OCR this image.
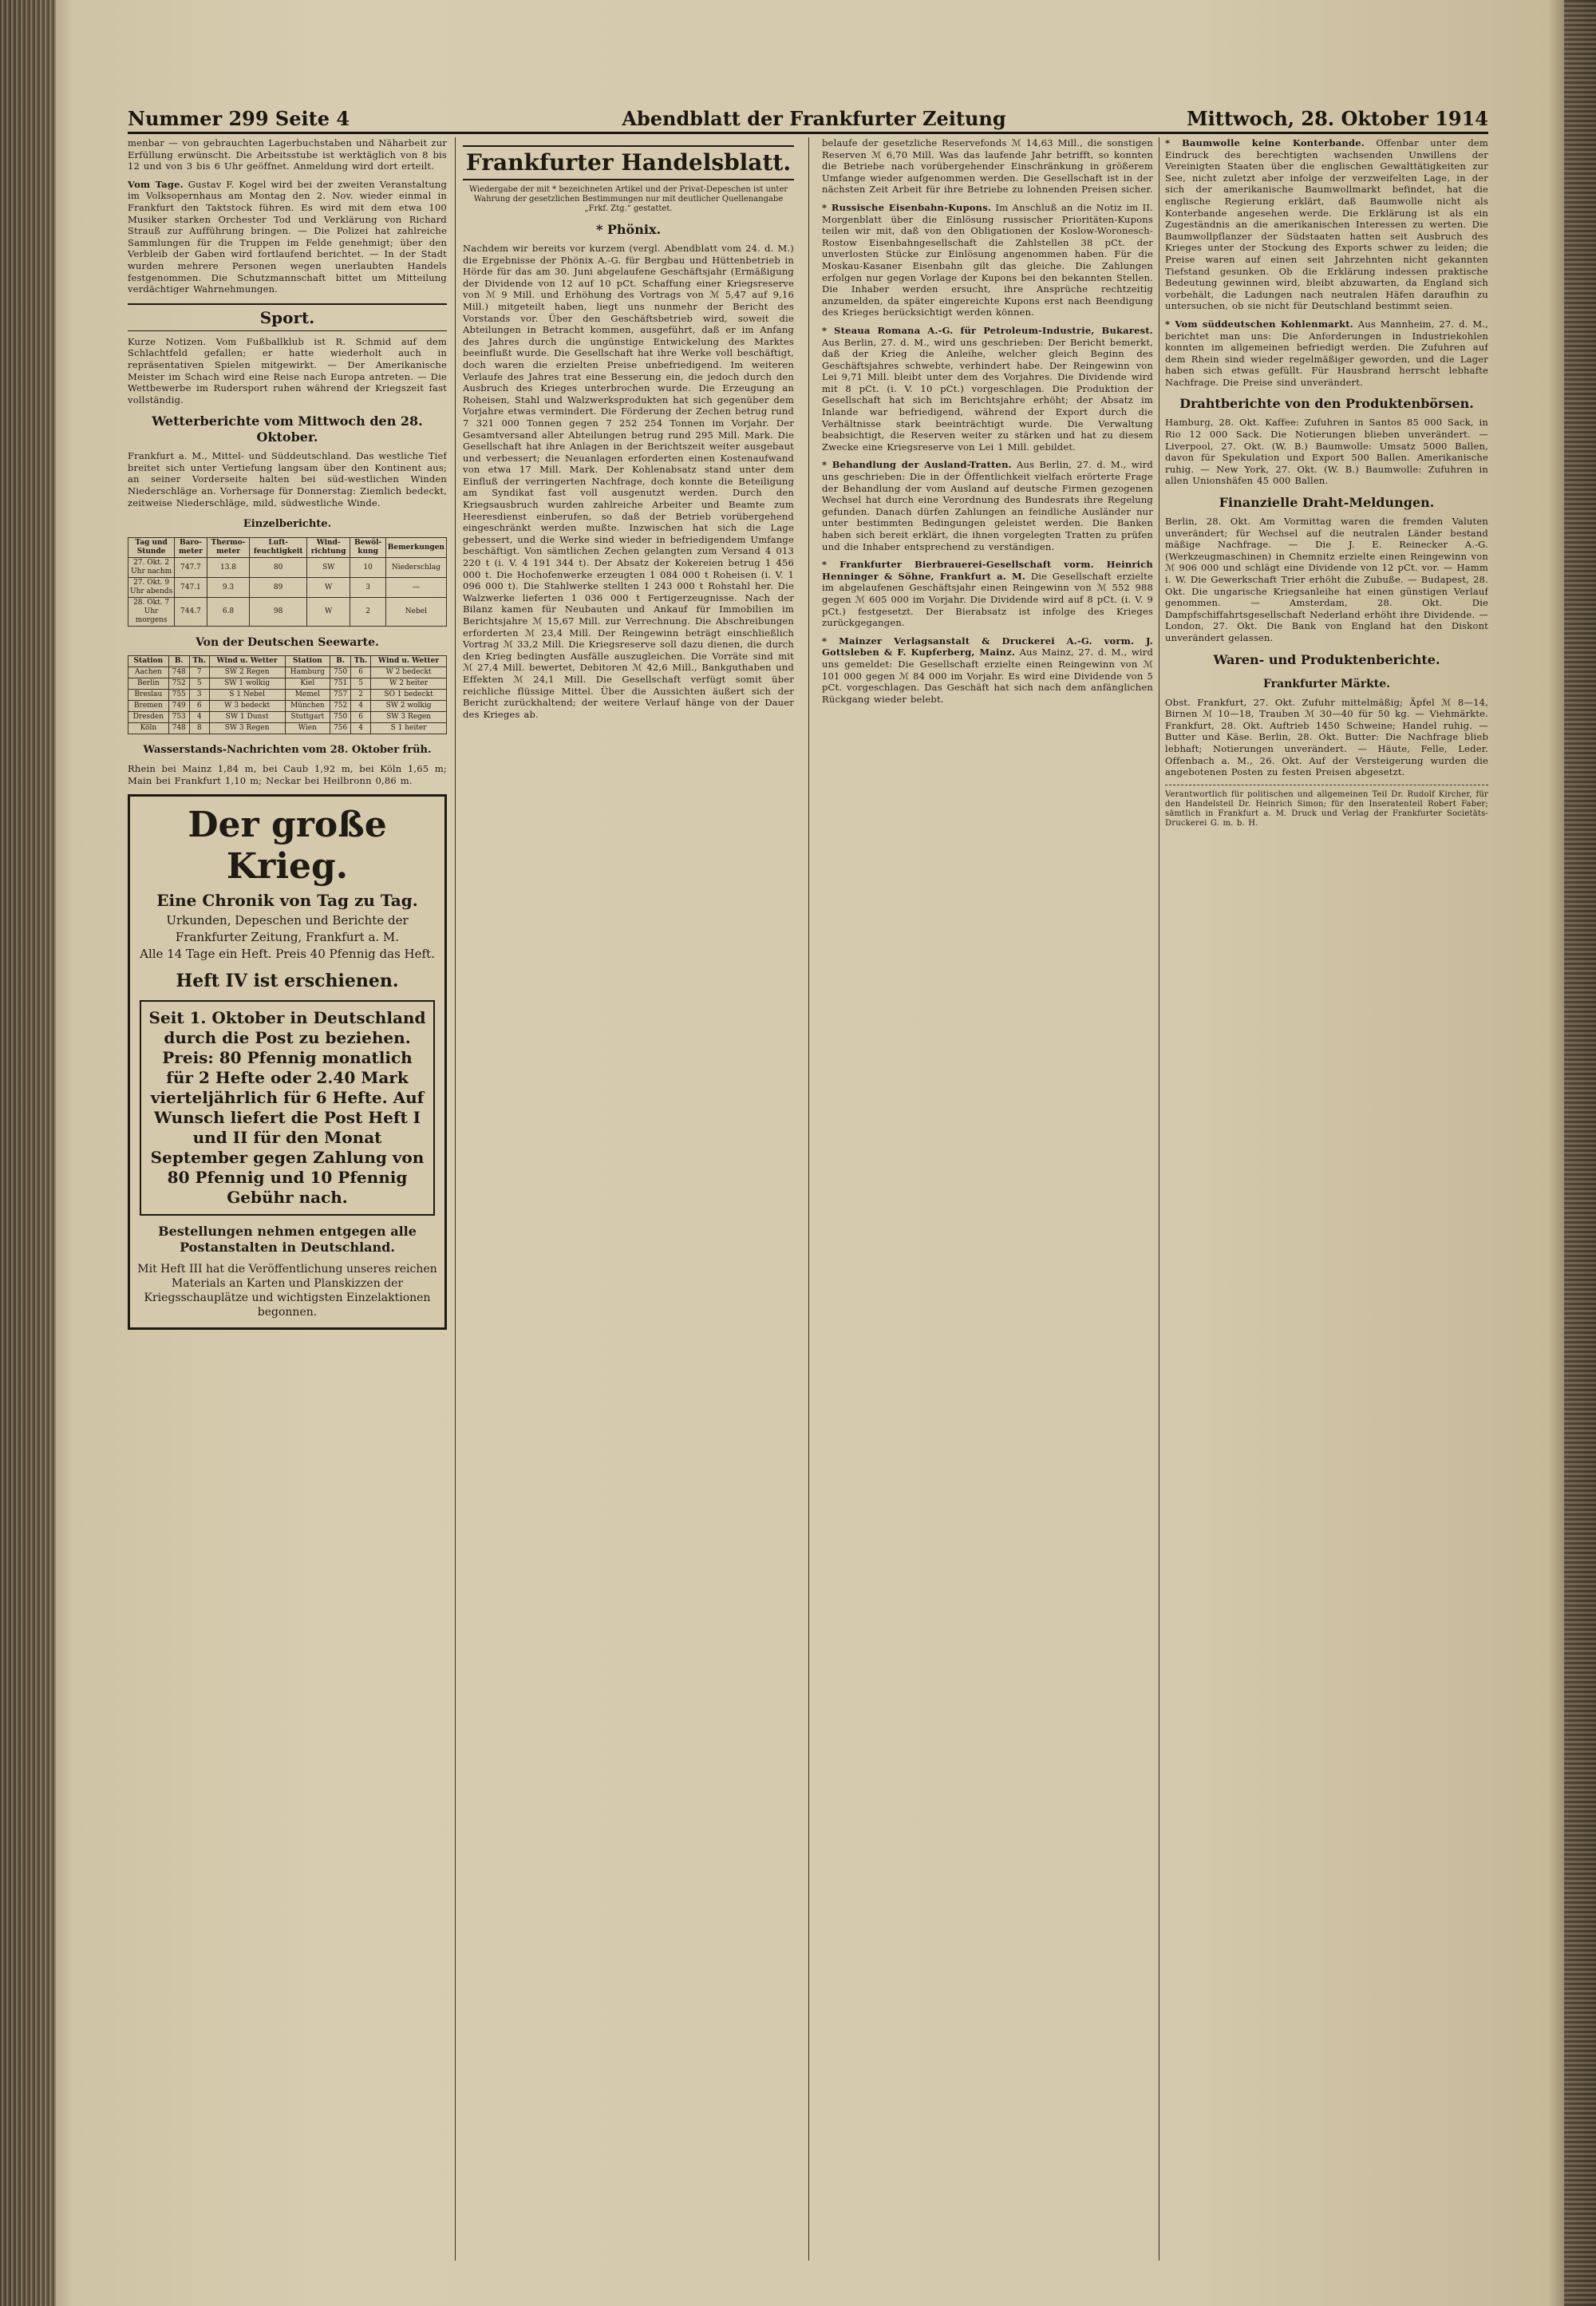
Nummer 299 Seite 4	Abendblatt der Frankfurter Zeitung	Mittwoch, 28. Oktober 1914
menbar — von gebrauchten Lagerbuchstaben und Näharbeit zur Erfüllung erwünscht. Die Arbeitsstube ist werktäglich von 8 bis 12 und von 3 bis 6 Uhr geöffnet. Anmeldung wird dort erteilt.
Vom Tage. Gustav F. Kogel wird bei der zweiten Veranstaltung im Volksopernhaus am Montag den 2. Nov. wieder einmal in Frankfurt den Taktstock führen. Es wird mit dem etwa 100 Musiker starken Orchester Tod und Verklärung von Richard Strauß zur Aufführung bringen. — Die Polizei hat zahlreiche Sammlungen für die Truppen im Felde genehmigt; über den Verbleib der Gaben wird fortlaufend berichtet. — In der Stadt wurden mehrere Personen wegen unerlaubten Handels festgenommen. Die Schutzmannschaft bittet um Mitteilung verdächtiger Wahrnehmungen.
Sport.
Kurze Notizen. Vom Fußballklub ist R. Schmid auf dem Schlachtfeld gefallen; er hatte wiederholt auch in repräsentativen Spielen mitgewirkt. — Der Amerikanische Meister im Schach wird eine Reise nach Europa antreten. — Die Wettbewerbe im Rudersport ruhen während der Kriegszeit fast vollständig.
Wetterberichte vom Mittwoch den 28. Oktober.
Frankfurt a. M., Mittel- und Süddeutschland. Das westliche Tief breitet sich unter Vertiefung langsam über den Kontinent aus; an seiner Vorderseite halten bei süd-westlichen Winden Niederschläge an. Vorhersage für Donnerstag: Ziemlich bedeckt, zeitweise Niederschläge, mild, südwestliche Winde.
Einzelberichte.
Tag und Stunde	Baro-meter	Thermo-meter	Luft-feuchtigkeit	Wind-richtung	Bewöl-kung	Bemerkungen
27. Okt. 2 Uhr nachm	747.7	13.8	80	SW	10	Niederschlag
27. Okt. 9 Uhr abends	747.1	9.3	89	W	3	—
28. Okt. 7 Uhr morgens	744.7	6.8	98	W	2	Nebel
Von der Deutschen Seewarte.
Station	B.	Th.	Wind u. Wetter	Station	B.	Th.	Wind u. Wetter
Aachen	748	7	SW 2 Regen	Hamburg	750	6	W 2 bedeckt
Berlin	752	5	SW 1 wolkig	Kiel	751	5	W 2 heiter
Breslau	755	3	S 1 Nebel	Memel	757	2	SO 1 bedeckt
Bremen	749	6	W 3 bedeckt	München	752	4	SW 2 wolkig
Dresden	753	4	SW 1 Dunst	Stuttgart	750	6	SW 3 Regen
Köln	748	8	SW 3 Regen	Wien	756	4	S 1 heiter
Wasserstands-Nachrichten vom 28. Oktober früh.
Rhein bei Mainz 1,84 m, bei Caub 1,92 m, bei Köln 1,65 m; Main bei Frankfurt 1,10 m; Neckar bei Heilbronn 0,86 m.
Der große Krieg.
Eine Chronik von Tag zu Tag.
Urkunden, Depeschen und Berichte der
Frankfurter Zeitung, Frankfurt a. M.
Alle 14 Tage ein Heft. Preis 40 Pfennig das Heft.
Heft IV ist erschienen.
Seit 1. Oktober in Deutschland durch die Post zu beziehen. Preis: 80 Pfennig monatlich für 2 Hefte oder 2.40 Mark vierteljährlich für 6 Hefte. Auf Wunsch liefert die Post Heft I und II für den Monat September gegen Zahlung von 80 Pfennig und 10 Pfennig Gebühr nach.
Bestellungen nehmen entgegen alle Postanstalten in Deutschland.
Mit Heft III hat die Veröffentlichung unseres reichen Materials an Karten und Planskizzen der Kriegsschauplätze und wichtigsten Einzelaktionen begonnen.
Frankfurter Handelsblatt.
Wiedergabe der mit * bezeichneten Artikel und der Privat-Depeschen ist unter Wahrung der gesetzlichen Bestimmungen nur mit deutlicher Quellenangabe „Frkf. Ztg.“ gestattet.
* Phönix.
Nachdem wir bereits vor kurzem (vergl. Abendblatt vom 24. d. M.) die Ergebnisse der Phönix A.-G. für Bergbau und Hüttenbetrieb in Hörde für das am 30. Juni abgelaufene Geschäftsjahr (Ermäßigung der Dividende von 12 auf 10 pCt. Schaffung einer Kriegsreserve von ℳ 9 Mill. und Erhöhung des Vortrags von ℳ 5,47 auf 9,16 Mill.) mitgeteilt haben, liegt uns nunmehr der Bericht des Vorstands vor. Über den Geschäftsbetrieb wird, soweit die Abteilungen in Betracht kommen, ausgeführt, daß er im Anfang des Jahres durch die ungünstige Entwickelung des Marktes beeinflußt wurde. Die Gesellschaft hat ihre Werke voll beschäftigt, doch waren die erzielten Preise unbefriedigend. Im weiteren Verlaufe des Jahres trat eine Besserung ein, die jedoch durch den Ausbruch des Krieges unterbrochen wurde. Die Erzeugung an Roheisen, Stahl und Walzwerksprodukten hat sich gegenüber dem Vorjahre etwas vermindert. Die Förderung der Zechen betrug rund 7 321 000 Tonnen gegen 7 252 254 Tonnen im Vorjahr. Der Gesamtversand aller Abteilungen betrug rund 295 Mill. Mark. Die Gesellschaft hat ihre Anlagen in der Berichtszeit weiter ausgebaut und verbessert; die Neuanlagen erforderten einen Kostenaufwand von etwa 17 Mill. Mark. Der Kohlenabsatz stand unter dem Einfluß der verringerten Nachfrage, doch konnte die Beteiligung am Syndikat fast voll ausgenutzt werden. Durch den Kriegsausbruch wurden zahlreiche Arbeiter und Beamte zum Heeresdienst einberufen, so daß der Betrieb vorübergehend eingeschränkt werden mußte. Inzwischen hat sich die Lage gebessert, und die Werke sind wieder in befriedigendem Umfange beschäftigt. Von sämtlichen Zechen gelangten zum Versand 4 013 220 t (i. V. 4 191 344 t). Der Absatz der Kokereien betrug 1 456 000 t. Die Hochofenwerke erzeugten 1 084 000 t Roheisen (i. V. 1 096 000 t). Die Stahlwerke stellten 1 243 000 t Rohstahl her. Die Walzwerke lieferten 1 036 000 t Fertigerzeugnisse. Nach der Bilanz kamen für Neubauten und Ankauf für Immobilien im Berichtsjahre ℳ 15,67 Mill. zur Verrechnung. Die Abschreibungen erforderten ℳ 23,4 Mill. Der Reingewinn beträgt einschließlich Vortrag ℳ 33,2 Mill. Die Kriegsreserve soll dazu dienen, die durch den Krieg bedingten Ausfälle auszugleichen. Die Vorräte sind mit ℳ 27,4 Mill. bewertet, Debitoren ℳ 42,6 Mill., Bankguthaben und Effekten ℳ 24,1 Mill. Die Gesellschaft verfügt somit über reichliche flüssige Mittel. Über die Aussichten äußert sich der Bericht zurückhaltend; der weitere Verlauf hänge von der Dauer des Krieges ab.
belaufe der gesetzliche Reservefonds ℳ 14,63 Mill., die sonstigen Reserven ℳ 6,70 Mill. Was das laufende Jahr betrifft, so konnten die Betriebe nach vorübergehender Einschränkung in größerem Umfange wieder aufgenommen werden. Die Gesellschaft ist in der nächsten Zeit Arbeit für ihre Betriebe zu lohnenden Preisen sicher.
* Russische Eisenbahn-Kupons. Im Anschluß an die Notiz im II. Morgenblatt über die Einlösung russischer Prioritäten-Kupons teilen wir mit, daß von den Obligationen der Koslow-Woronesch-Rostow Eisenbahngesellschaft die Zahlstellen 38 pCt. der unverlosten Stücke zur Einlösung angenommen haben. Für die Moskau-Kasaner Eisenbahn gilt das gleiche. Die Zahlungen erfolgen nur gegen Vorlage der Kupons bei den bekannten Stellen. Die Inhaber werden ersucht, ihre Ansprüche rechtzeitig anzumelden, da später eingereichte Kupons erst nach Beendigung des Krieges berücksichtigt werden können.
* Steaua Romana A.-G. für Petroleum-Industrie, Bukarest. Aus Berlin, 27. d. M., wird uns geschrieben: Der Bericht bemerkt, daß der Krieg die Anleihe, welcher gleich Beginn des Geschäftsjahres schwebte, verhindert habe. Der Reingewinn von Lei 9,71 Mill. bleibt unter dem des Vorjahres. Die Dividende wird mit 8 pCt. (i. V. 10 pCt.) vorgeschlagen. Die Produktion der Gesellschaft hat sich im Berichtsjahre erhöht; der Absatz im Inlande war befriedigend, während der Export durch die Verhältnisse stark beeinträchtigt wurde. Die Verwaltung beabsichtigt, die Reserven weiter zu stärken und hat zu diesem Zwecke eine Kriegsreserve von Lei 1 Mill. gebildet.
* Behandlung der Ausland-Tratten. Aus Berlin, 27. d. M., wird uns geschrieben: Die in der Öffentlichkeit vielfach erörterte Frage der Behandlung der vom Ausland auf deutsche Firmen gezogenen Wechsel hat durch eine Verordnung des Bundesrats ihre Regelung gefunden. Danach dürfen Zahlungen an feindliche Ausländer nur unter bestimmten Bedingungen geleistet werden. Die Banken haben sich bereit erklärt, die ihnen vorgelegten Tratten zu prüfen und die Inhaber entsprechend zu verständigen.
* Frankfurter Bierbrauerei-Gesellschaft vorm. Heinrich Henninger & Söhne, Frankfurt a. M. Die Gesellschaft erzielte im abgelaufenen Geschäftsjahr einen Reingewinn von ℳ 552 988 gegen ℳ 605 000 im Vorjahr. Die Dividende wird auf 8 pCt. (i. V. 9 pCt.) festgesetzt. Der Bierabsatz ist infolge des Krieges zurückgegangen.
* Mainzer Verlagsanstalt & Druckerei A.-G. vorm. J. Gottsleben & F. Kupferberg, Mainz. Aus Mainz, 27. d. M., wird uns gemeldet: Die Gesellschaft erzielte einen Reingewinn von ℳ 101 000 gegen ℳ 84 000 im Vorjahr. Es wird eine Dividende von 5 pCt. vorgeschlagen. Das Geschäft hat sich nach dem anfänglichen Rückgang wieder belebt.
* Baumwolle keine Konterbande. Offenbar unter dem Eindruck des berechtigten wachsenden Unwillens der Vereinigten Staaten über die englischen Gewalttätigkeiten zur See, nicht zuletzt aber infolge der verzweifelten Lage, in der sich der amerikanische Baumwollmarkt befindet, hat die englische Regierung erklärt, daß Baumwolle nicht als Konterbande angesehen werde. Die Erklärung ist als ein Zugeständnis an die amerikanischen Interessen zu werten. Die Baumwollpflanzer der Südstaaten hatten seit Ausbruch des Krieges unter der Stockung des Exports schwer zu leiden; die Preise waren auf einen seit Jahrzehnten nicht gekannten Tiefstand gesunken. Ob die Erklärung indessen praktische Bedeutung gewinnen wird, bleibt abzuwarten, da England sich vorbehält, die Ladungen nach neutralen Häfen daraufhin zu untersuchen, ob sie nicht für Deutschland bestimmt seien.
* Vom süddeutschen Kohlenmarkt. Aus Mannheim, 27. d. M., berichtet man uns: Die Anforderungen in Industriekohlen konnten im allgemeinen befriedigt werden. Die Zufuhren auf dem Rhein sind wieder regelmäßiger geworden, und die Lager haben sich etwas gefüllt. Für Hausbrand herrscht lebhafte Nachfrage. Die Preise sind unverändert.
Drahtberichte von den Produktenbörsen.
Hamburg, 28. Okt. Kaffee: Zufuhren in Santos 85 000 Sack, in Rio 12 000 Sack. Die Notierungen blieben unverändert. — Liverpool, 27. Okt. (W. B.) Baumwolle: Umsatz 5000 Ballen, davon für Spekulation und Export 500 Ballen. Amerikanische ruhig. — New York, 27. Okt. (W. B.) Baumwolle: Zufuhren in allen Unionshäfen 45 000 Ballen.
Finanzielle Draht-Meldungen.
Berlin, 28. Okt. Am Vormittag waren die fremden Valuten unverändert; für Wechsel auf die neutralen Länder bestand mäßige Nachfrage. — Die J. E. Reinecker A.-G. (Werkzeugmaschinen) in Chemnitz erzielte einen Reingewinn von ℳ 906 000 und schlägt eine Dividende von 12 pCt. vor. — Hamm i. W. Die Gewerkschaft Trier erhöht die Zubuße. — Budapest, 28. Okt. Die ungarische Kriegsanleihe hat einen günstigen Verlauf genommen. — Amsterdam, 28. Okt. Die Dampfschiffahrtsgesellschaft Nederland erhöht ihre Dividende. — London, 27. Okt. Die Bank von England hat den Diskont unverändert gelassen.
Waren- und Produktenberichte.
Frankfurter Märkte.
Obst. Frankfurt, 27. Okt. Zufuhr mittelmäßig; Äpfel ℳ 8—14, Birnen ℳ 10—18, Trauben ℳ 30—40 für 50 kg. — Viehmärkte. Frankfurt, 28. Okt. Auftrieb 1450 Schweine; Handel ruhig. — Butter und Käse. Berlin, 28. Okt. Butter: Die Nachfrage blieb lebhaft; Notierungen unverändert. — Häute, Felle, Leder. Offenbach a. M., 26. Okt. Auf der Versteigerung wurden die angebotenen Posten zu festen Preisen abgesetzt.
Verantwortlich für politischen und allgemeinen Teil Dr. Rudolf Kircher, für den Handelsteil Dr. Heinrich Simon; für den Inseratenteil Robert Faber; sämtlich in Frankfurt a. M. Druck und Verlag der Frankfurter Societäts-Druckerei G. m. b. H.
